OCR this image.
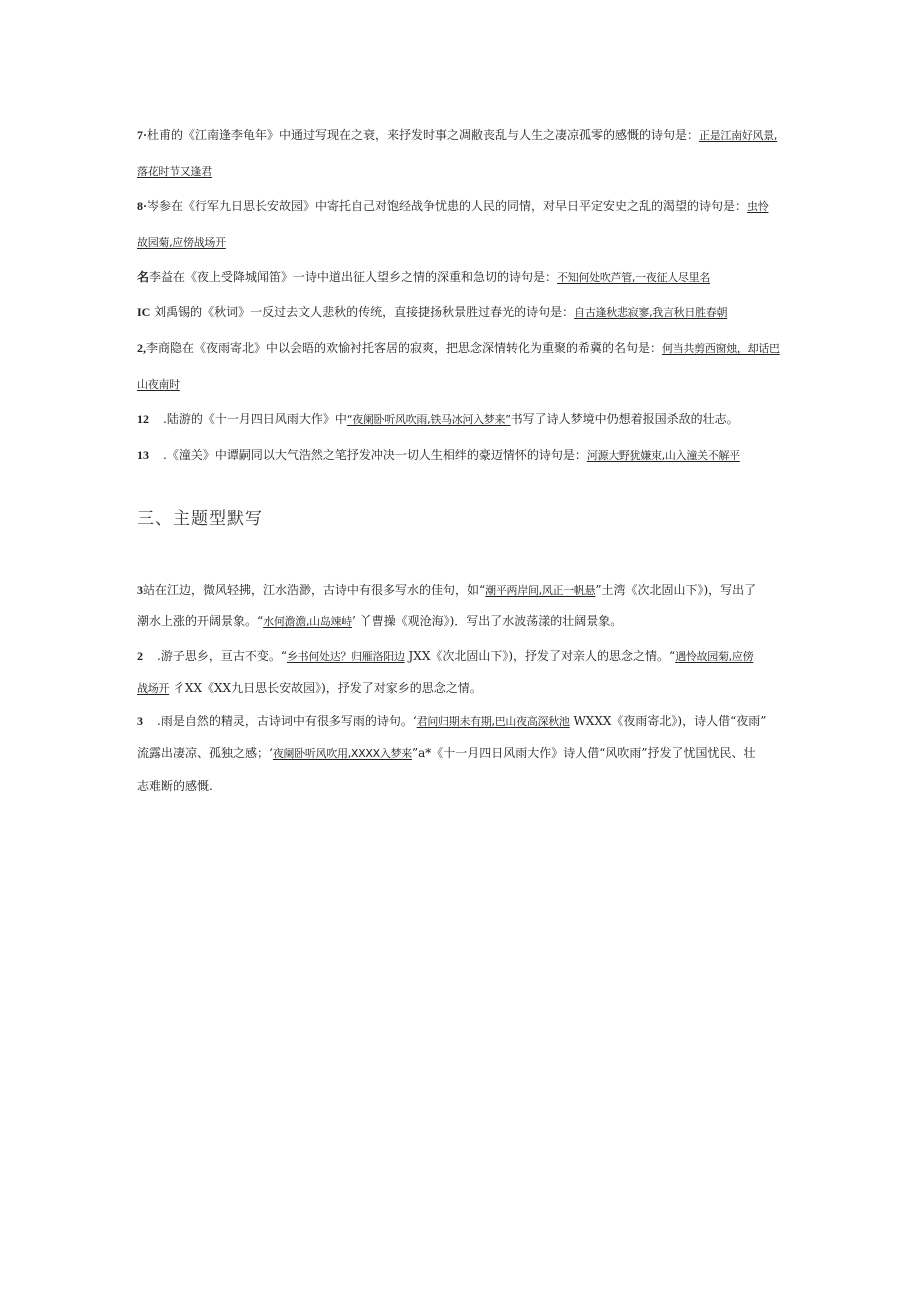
7·杜甫的《江南逢李龟年》中通过写现在之衰，来抒发时事之凋敝丧乱与人生之凄凉孤零的感慨的诗句是：正是江南好风景,
落花时节又逢君
8·岑参在《行军九日思长安故园》中寄托自己对饱经战争忧患的人民的同情，对早日平定安史之乱的渴望的诗句是：虫怜
故园菊,应傍战场开
名李益在《夜上受降城闻笛》一诗中道出征人望乡之情的深重和急切的诗句是：不知何处吹芦管,一夜征人尽里名
IC 刘禹锡的《秋词》一反过去文人悲秋的传统，直接捷扬秋景胜过春光的诗句是：自古逢秋悲寂寥,我言秋日胜春朝
2,李商隐在《夜雨寄北》中以会晤的欢愉衬托客居的寂爽，把思念深情转化为重聚的希冀的名句是：何当共剪西窗烛，却话巴
山夜南时
12 .陆游的《十一月四日风雨大作》中“夜阑卧听风吹雨,铁马冰河入梦来”书写了诗人梦境中仍想着报国杀敌的壮志。
13 .《潼关》中谭嗣同以大气浩然之笔抒发冲决一切人生相绊的豪迈情怀的诗句是：河源大野犹嫌束,山入潼关不解平
三、主题型默写
3站在江边，微风轻拂，江水浩渺，古诗中有很多写水的佳句，如“潮平两岸间,风正一帆悬”土湾《次北固山下》)，写出了
潮水上涨的开阔景象。“水何澹澹,山岛竦峙’ 丫曹操《观沧海》)．写出了水波荡漾的壮阔景象。
2 .游子思乡，亘古不变。“乡书何处达？归雁洛阳边 JXX《次北固山下》)，抒发了对亲人的思念之情。“遇怜故园菊,应傍
战场开 彳XX《XX九日思长安故园》)，抒发了对家乡的思念之情。
3 .雨是自然的精灵，古诗词中有很多写雨的诗句。‘君问归期未有期,巴山夜高深秋池 WXXX《夜雨寄北》)，诗人借“夜雨”
流露出凄凉、孤独之感；‘夜阑卧听风吹用,XXXX入梦来”a*《十一月四日风雨大作》诗人借“风吹雨”抒发了忧国忧民、壮
志难断的感慨.
